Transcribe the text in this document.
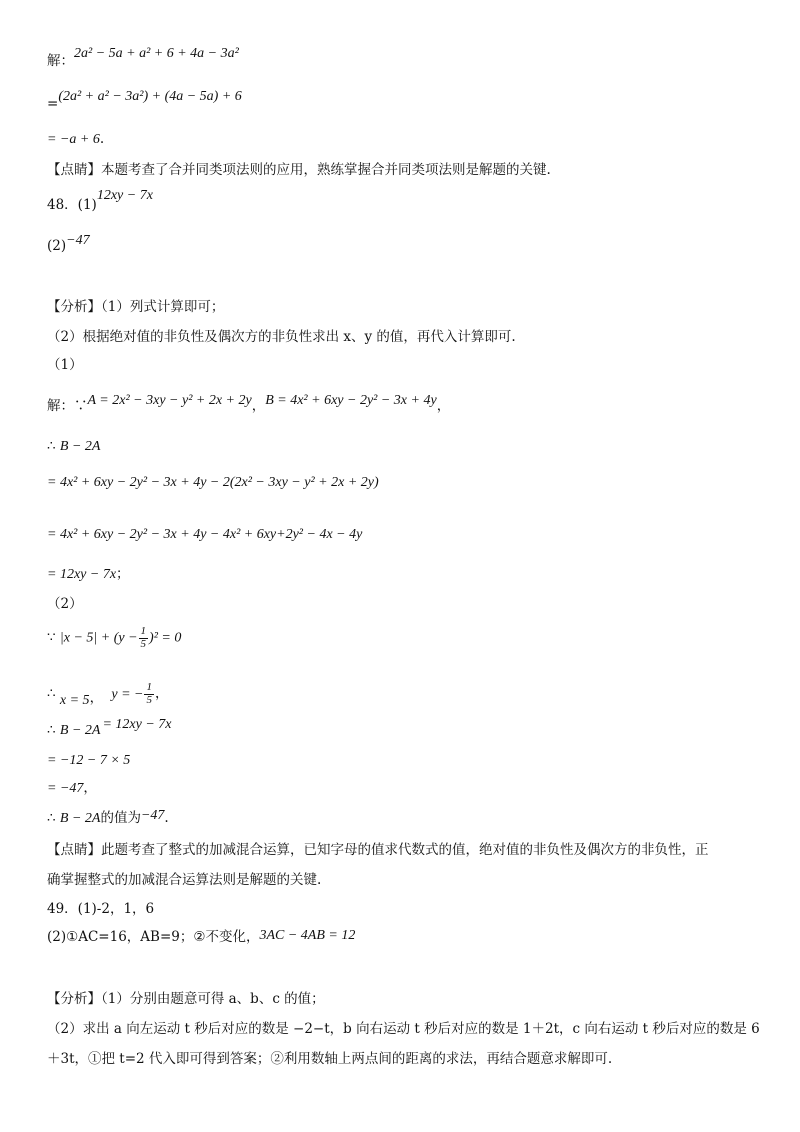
解：2a² − 5a + a² + 6 + 4a − 3a²
=(2a² + a² − 3a²) + (4a − 5a) + 6
= −a + 6.
【点睛】本题考查了合并同类项法则的应用，熟练掌握合并同类项法则是解题的关键.
48．(1)12xy − 7x
(2)−47
【分析】（1）列式计算即可；
（2）根据绝对值的非负性及偶次方的非负性求出 x、y 的值，再代入计算即可.
（1）
解：∵A = 2x² − 3xy − y² + 2x + 2y，B = 4x² + 6xy − 2y² − 3x + 4y，
∴ B − 2A
= 4x² + 6xy − 2y² − 3x + 4y − 2(2x² − 3xy − y² + 2x + 2y)
= 4x² + 6xy − 2y² − 3x + 4y − 4x² + 6xy+2y² − 4x − 4y
= 12xy − 7x；
（2）
∵ $|x - 5| + (y - \frac{1}{5} )^2 = 0$
∴ x = 5， y = − $\frac{1}{5}$ ，
∴ B − 2A = 12xy − 7x
= −12 − 7 × 5
= −47，
∴ B − 2A的值为−47.
【点睛】此题考查了整式的加减混合运算，已知字母的值求代数式的值，绝对值的非负性及偶次方的非负性，正
确掌握整式的加减混合运算法则是解题的关键.
49．(1)-2，1，6
(2)①AC=16，AB=9；②不变化，3AC − 4AB = 12
【分析】（1）分别由题意可得 a、b、c 的值；
（2）求出 a 向左运动 t 秒后对应的数是 −2−t，b 向右运动 t 秒后对应的数是 1＋2t，c 向右运动 t 秒后对应的数是 6
＋3t，①把 t=2 代入即可得到答案；②利用数轴上两点间的距离的求法，再结合题意求解即可.
